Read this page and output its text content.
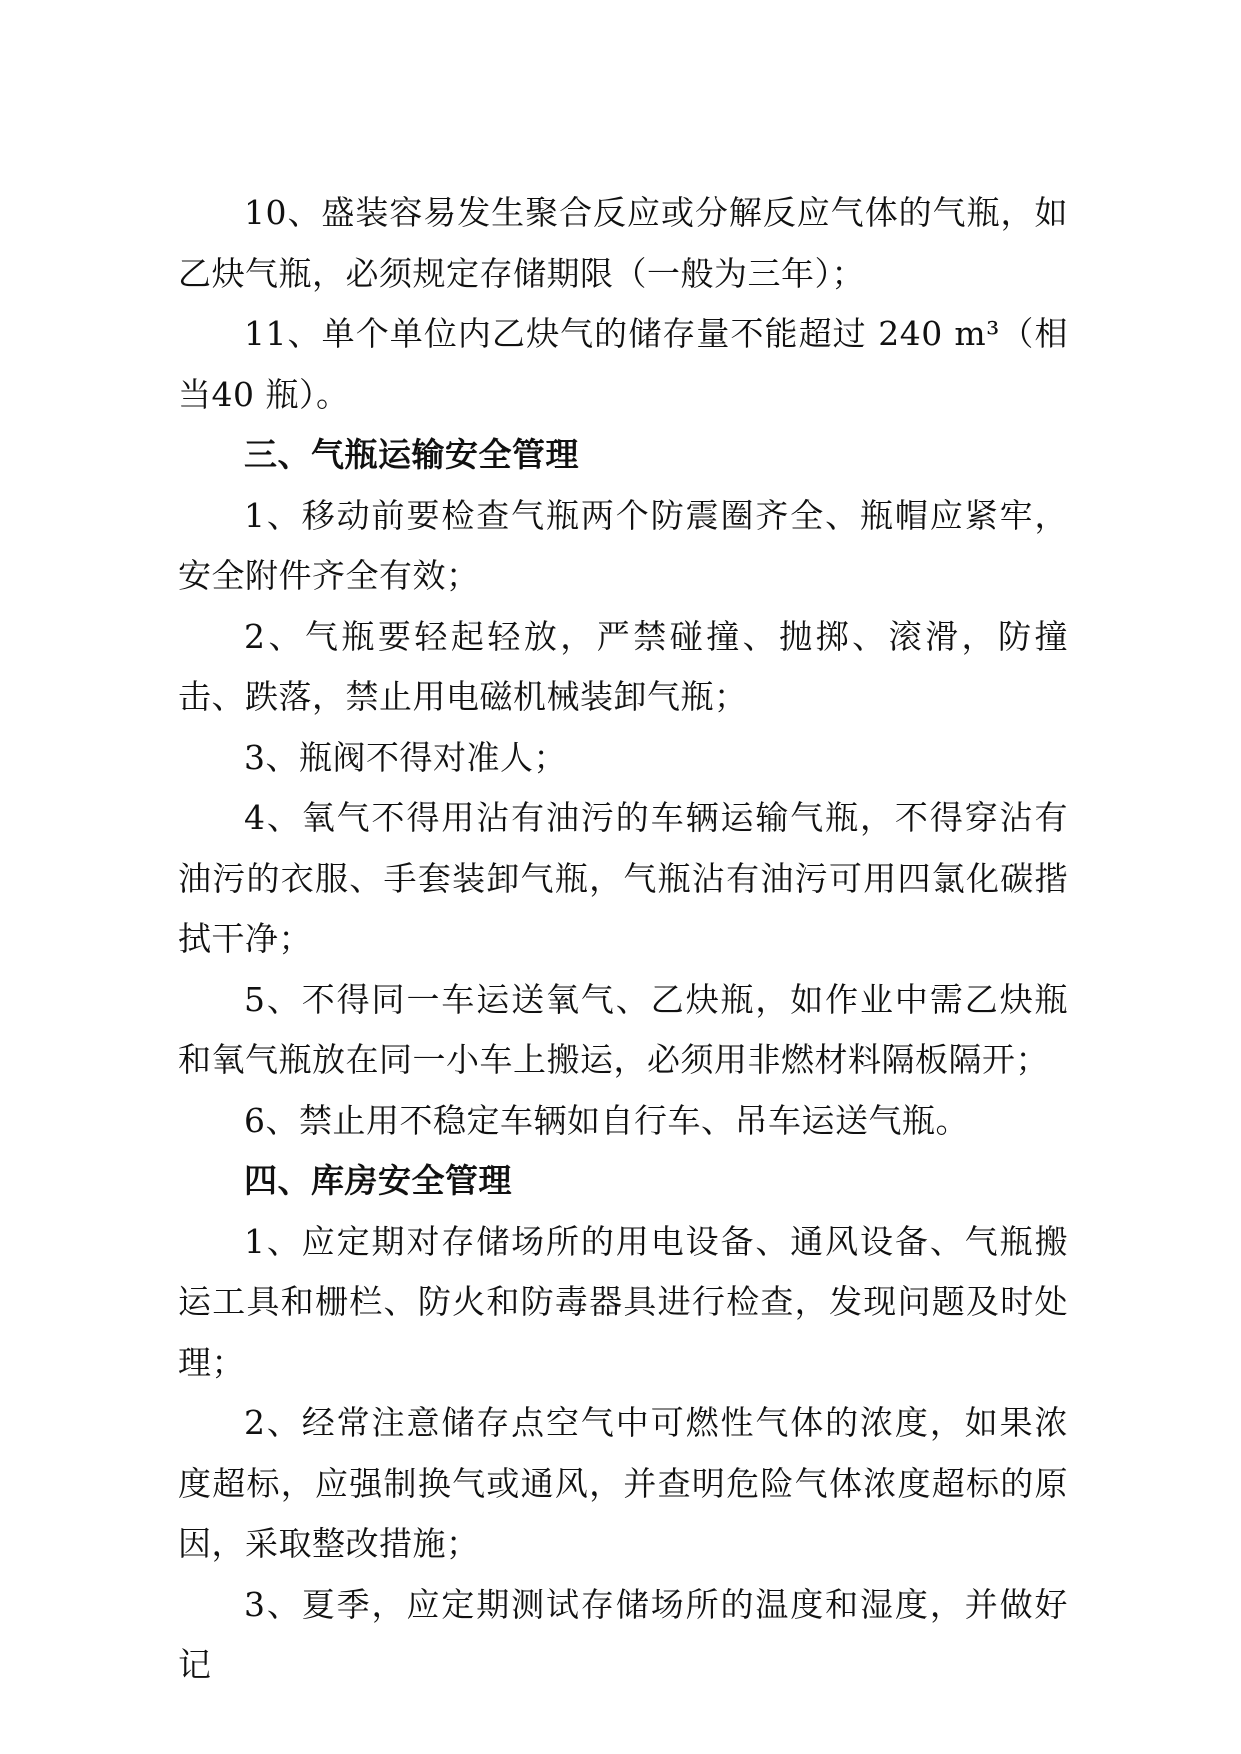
10、盛装容易发生聚合反应或分解反应气体的气瓶，如乙炔气瓶，必须规定存储期限（一般为三年）；

11、单个单位内乙炔气的储存量不能超过 240 m³（相当40 瓶）。

三、气瓶运输安全管理

1、移动前要检查气瓶两个防震圈齐全、瓶帽应紧牢，安全附件齐全有效；

2、气瓶要轻起轻放，严禁碰撞、抛掷、滚滑，防撞击、跌落，禁止用电磁机械装卸气瓶；

3、瓶阀不得对准人；

4、氧气不得用沾有油污的车辆运输气瓶，不得穿沾有油污的衣服、手套装卸气瓶，气瓶沾有油污可用四氯化碳揩拭干净；

5、不得同一车运送氧气、乙炔瓶，如作业中需乙炔瓶和氧气瓶放在同一小车上搬运，必须用非燃材料隔板隔开；

6、禁止用不稳定车辆如自行车、吊车运送气瓶。

四、库房安全管理

1、应定期对存储场所的用电设备、通风设备、气瓶搬运工具和栅栏、防火和防毒器具进行检查，发现问题及时处理；

2、经常注意储存点空气中可燃性气体的浓度，如果浓度超标，应强制换气或通风，并查明危险气体浓度超标的原因，采取整改措施；

3、夏季，应定期测试存储场所的温度和湿度，并做好记
